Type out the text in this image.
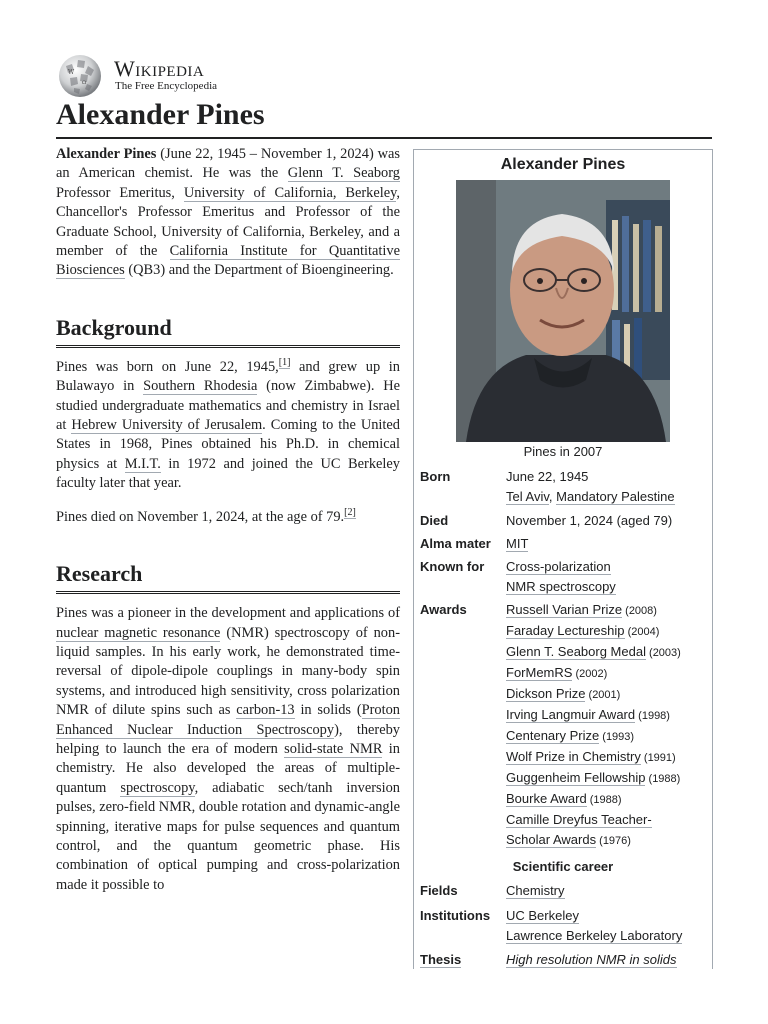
W
Ω
Wikipedia
The Free Encyclopedia
Alexander Pines

Alexander Pines (June 22, 1945 – November 1, 2024) was an American chemist. He was the Glenn T. Seaborg Professor Emeritus, University of California, Berkeley, Chancellor's Professor Emeritus and Professor of the Graduate School, University of California, Berkeley, and a member of the California Institute for Quantitative Biosciences (QB3) and the Department of Bioengineering.

Background

Pines was born on June 22, 1945,[1] and grew up in Bulawayo in Southern Rhodesia (now Zimbabwe). He studied undergraduate mathematics and chemistry in Israel at Hebrew University of Jerusalem. Coming to the United States in 1968, Pines obtained his Ph.D. in chemical physics at M.I.T. in 1972 and joined the UC Berkeley faculty later that year.

Pines died on November 1, 2024, at the age of 79.[2]

Research

Pines was a pioneer in the development and applications of nuclear magnetic resonance (NMR) spectroscopy of non-liquid samples. In his early work, he demonstrated time-reversal of dipole-dipole couplings in many-body spin systems, and introduced high sensitivity, cross polarization NMR of dilute spins such as carbon-13 in solids (Proton Enhanced Nuclear Induction Spectroscopy), thereby helping to launch the era of modern solid-state NMR in chemistry. He also developed the areas of multiple-quantum spectroscopy, adiabatic sech/tanh inversion pulses, zero-field NMR, double rotation and dynamic-angle spinning, iterative maps for pulse sequences and quantum control, and the quantum geometric phase. His combination of optical pumping and cross-polarization made it possible to

Alexander Pines
Pines in 2007
Born	June 22, 1945
Tel Aviv, Mandatory Palestine
Died	November 1, 2024 (aged 79)
Alma mater	MIT
Known for	Cross-polarization
NMR spectroscopy
Awards	Russell Varian Prize (2008)
Faraday Lectureship (2004)
Glenn T. Seaborg Medal (2003)
ForMemRS (2002)
Dickson Prize (2001)
Irving Langmuir Award (1998)
Centenary Prize (1993)
Wolf Prize in Chemistry (1991)
Guggenheim Fellowship (1988)
Bourke Award (1988)
Camille Dreyfus Teacher-
Scholar Awards (1976)
Scientific career
Fields	Chemistry
Institutions	UC Berkeley
Lawrence Berkeley Laboratory
Thesis	High resolution NMR in solids
